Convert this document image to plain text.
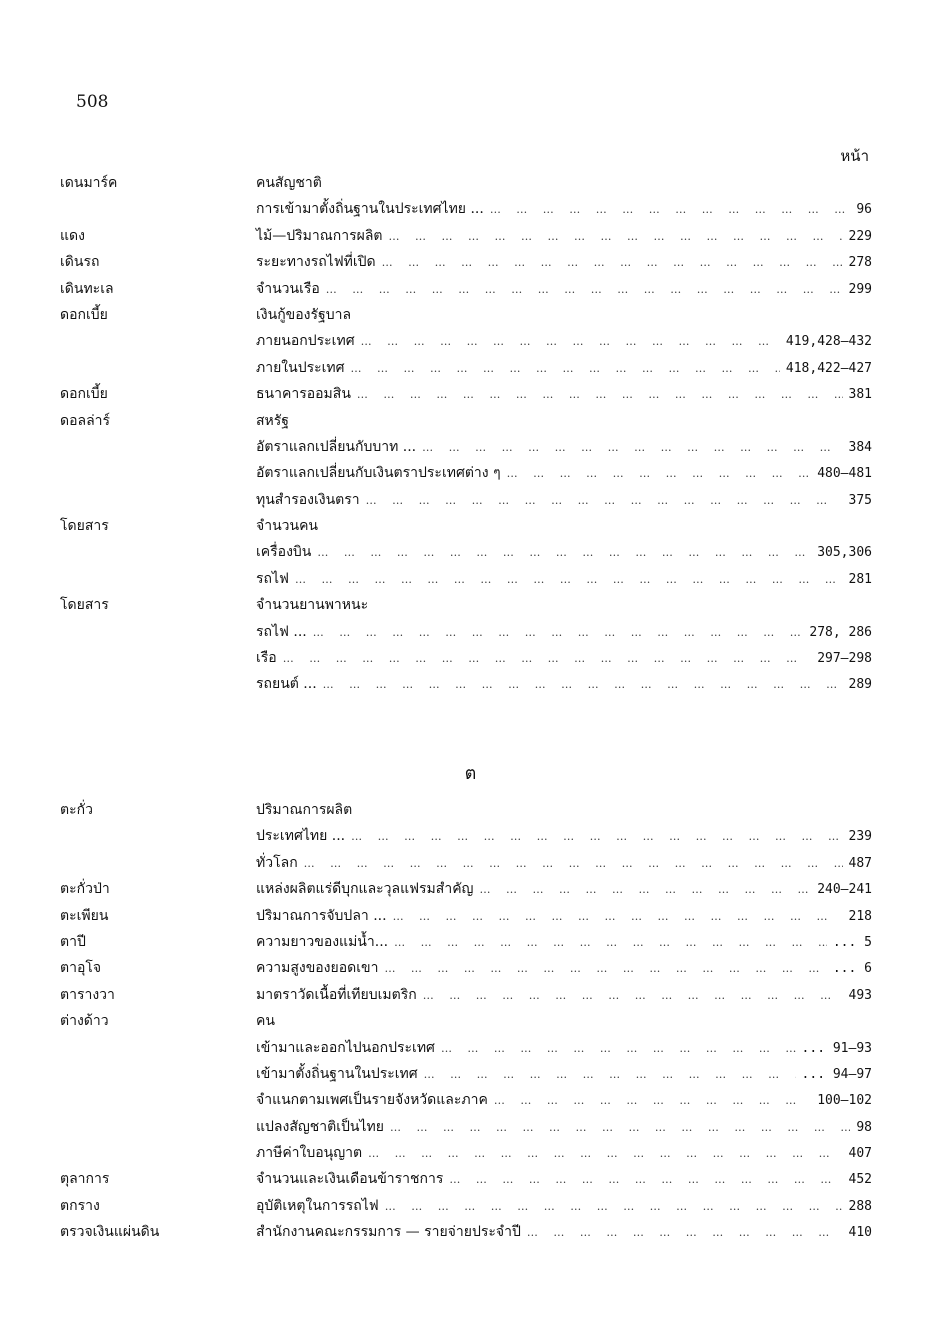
508
หน้า
เดนมาร์ค	คนสัญชาติ
การเข้ามาตั้งถิ่นฐานในประเทศไทย ... … … … … … … … … … … … … … … … … … … … … … … … … … … … … … … … … … … … … … … …	96
แดง	ไม้—ปริมาณการผลิต … … … … … … … … … … … … … … … … … … … … … … … … … … … … … … … … … … … … … … …	229
เดินรถ	ระยะทางรถไฟที่เปิด … … … … … … … … … … … … … … … … … … … … … … … … … … … … … … … … … … … … … … …	278
เดินทะเล	จำนวนเรือ … … … … … … … … … … … … … … … … … … … … … … … … … … … … … … … … … … … … … … …	299
ดอกเบี้ย	เงินกู้ของรัฐบาล
ภายนอกประเทศ … … … … … … … … … … … … … … … … … … … … … … … … … … … … … … … … … … … … … … …	419,428—432
ภายในประเทศ … … … … … … … … … … … … … … … … … … … … … … … … … … … … … … … … … … … … … … …	418,422—427
ดอกเบี้ย	ธนาคารออมสิน … … … … … … … … … … … … … … … … … … … … … … … … … … … … … … … … … … … … … … …	381
ดอลล่าร์	สหรัฐ
อัตราแลกเปลี่ยนกับบาท ... … … … … … … … … … … … … … … … … … … … … … … … … … … … … … … … … … … … … … … …	384
อัตราแลกเปลี่ยนกับเงินตราประเทศต่าง ๆ … … … … … … … … … … … … … … … … … … … … … … … … … … … … … … … … … … … … … … …	480—481
ทุนสำรองเงินตรา … … … … … … … … … … … … … … … … … … … … … … … … … … … … … … … … … … … … … … …	375
โดยสาร	จำนวนคน
เครื่องบิน … … … … … … … … … … … … … … … … … … … … … … … … … … … … … … … … … … … … … … …	305,306
รถไฟ … … … … … … … … … … … … … … … … … … … … … … … … … … … … … … … … … … … … … … …	281
โดยสาร	จำนวนยานพาหนะ
รถไฟ ... … … … … … … … … … … … … … … … … … … … … … … … … … … … … … … … … … … … … … … …	278, 286
เรือ … … … … … … … … … … … … … … … … … … … … … … … … … … … … … … … … … … … … … … …	297—298
รถยนต์ ... … … … … … … … … … … … … … … … … … … … … … … … … … … … … … … … … … … … … … … …	289
ต
ตะกั่ว	ปริมาณการผลิต
ประเทศไทย ... … … … … … … … … … … … … … … … … … … … … … … … … … … … … … … … … … … … … … … …	239
ทั่วโลก … … … … … … … … … … … … … … … … … … … … … … … … … … … … … … … … … … … … … … …	487
ตะกั่วป่า	แหล่งผลิตแร่ดีบุกและวุลแฟรมสำคัญ … … … … … … … … … … … … … … … … … … … … … … … … … … … … … … … … … … … … … … …	240—241
ตะเพียน	ปริมาณการจับปลา ... … … … … … … … … … … … … … … … … … … … … … … … … … … … … … … … … … … … … … … …	218
ตาปี	ความยาวของแม่น้ำ... … … … … … … … … … … … … … … … … … … … … … … … … … … … … … … … … … … … … … … …	... 5
ตาอุโจ	ความสูงของยอดเขา … … … … … … … … … … … … … … … … … … … … … … … … … … … … … … … … … … … … … … …	... 6
ตารางวา	มาตราวัดเนื้อที่เทียบเมตริก … … … … … … … … … … … … … … … … … … … … … … … … … … … … … … … … … … … … … … …	493
ต่างด้าว	คน
เข้ามาและออกไปนอกประเทศ … … … … … … … … … … … … … … … … … … … … … … … … … … … … … … … … … … … … … … …	... 91—93
เข้ามาตั้งถิ่นฐานในประเทศ … … … … … … … … … … … … … … … … … … … … … … … … … … … … … … … … … … … … … … …	... 94—97
จำแนกตามเพศเป็นรายจังหวัดและภาค … … … … … … … … … … … … … … … … … … … … … … … … … … … … … … … … … … … … … … …	100—102
แปลงสัญชาติเป็นไทย … … … … … … … … … … … … … … … … … … … … … … … … … … … … … … … … … … … … … … …	98
ภาษีค่าใบอนุญาต … … … … … … … … … … … … … … … … … … … … … … … … … … … … … … … … … … … … … … …	407
ตุลาการ	จำนวนและเงินเดือนข้าราชการ … … … … … … … … … … … … … … … … … … … … … … … … … … … … … … … … … … … … … … …	452
ตกราง	อุบัติเหตุในการรถไฟ … … … … … … … … … … … … … … … … … … … … … … … … … … … … … … … … … … … … … … …	288
ตรวจเงินแผ่นดิน	สำนักงานคณะกรรมการ — รายจ่ายประจำปี … … … … … … … … … … … … … … … … … … … … … … … … … … … … … … … … … … … … … … …	410
